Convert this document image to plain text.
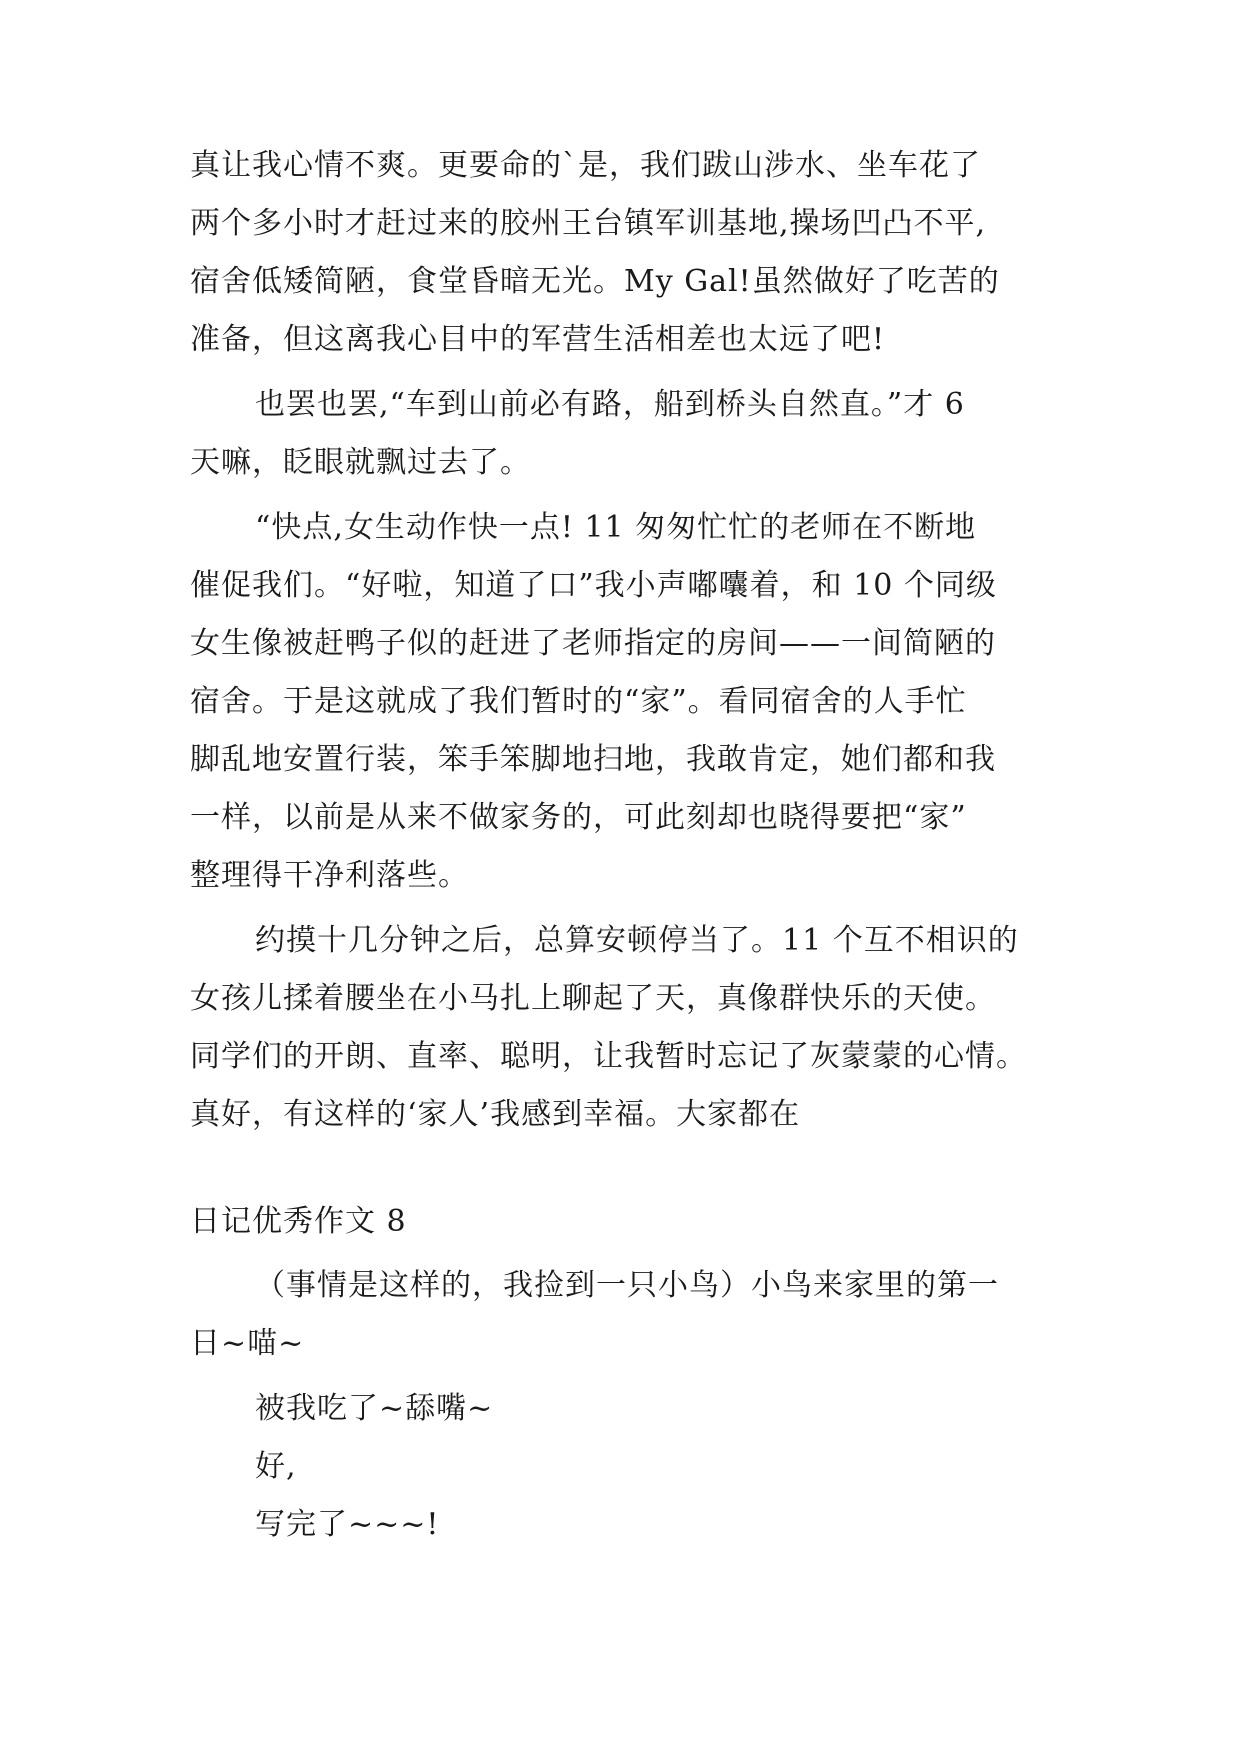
真让我心情不爽。更要命的`是，我们跋山涉水、坐车花了
两个多小时才赶过来的胶州王台镇军训基地,操场凹凸不平,
宿舍低矮简陋，食堂昏暗无光。My Gal!虽然做好了吃苦的
准备，但这离我心目中的军营生活相差也太远了吧!
也罢也罢,“车到山前必有路，船到桥头自然直。”才 6
天嘛，眨眼就飘过去了。
“快点,女生动作快一点! 11 匆匆忙忙的老师在不断地
催促我们。“好啦，知道了口”我小声嘟囔着，和 10 个同级
女生像被赶鸭子似的赶进了老师指定的房间——一间简陋的
宿舍。于是这就成了我们暂时的“家”。看同宿舍的人手忙
脚乱地安置行装，笨手笨脚地扫地，我敢肯定，她们都和我
一样，以前是从来不做家务的，可此刻却也晓得要把“家”
整理得干净利落些。
约摸十几分钟之后，总算安顿停当了。11 个互不相识的
女孩儿揉着腰坐在小马扎上聊起了天，真像群快乐的天使。
同学们的开朗、直率、聪明，让我暂时忘记了灰蒙蒙的心情。
真好，有这样的‘家人’我感到幸福。大家都在
日记优秀作文 8
（事情是这样的，我捡到一只小鸟）小鸟来家里的第一
日~喵~
被我吃了~舔嘴~
好,
写完了~~~!
